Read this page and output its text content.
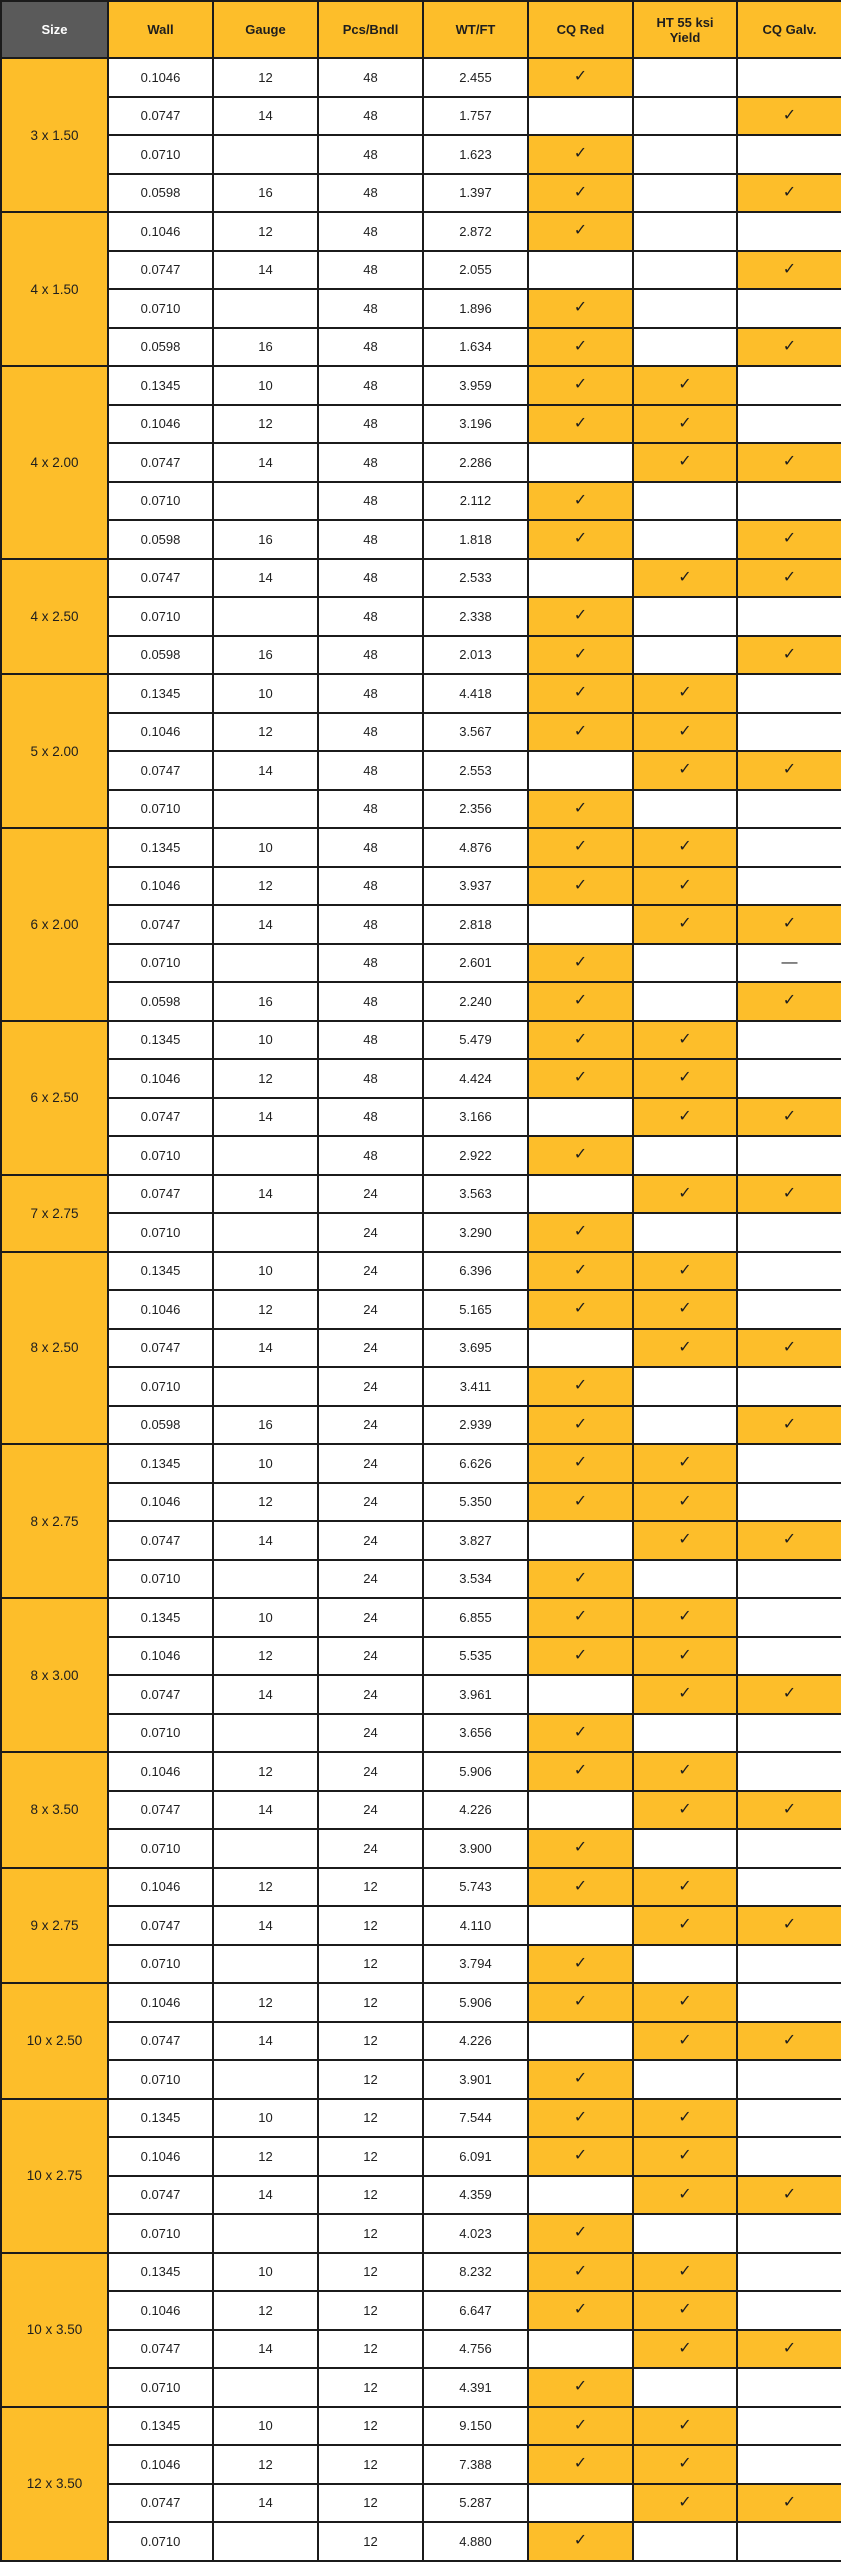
Size	Wall	Gauge	Pcs/Bndl	WT/FT	CQ Red	HT 55 ksi Yield	CQ Galv.
3 x 1.50	0.1046	12	48	2.455	✓		
	0.0747	14	48	1.757			✓
	0.0710		48	1.623	✓		
	0.0598	16	48	1.397	✓		✓
4 x 1.50	0.1046	12	48	2.872	✓		
	0.0747	14	48	2.055			✓
	0.0710		48	1.896	✓		
	0.0598	16	48	1.634	✓		✓
4 x 2.00	0.1345	10	48	3.959	✓	✓	
	0.1046	12	48	3.196	✓	✓	
	0.0747	14	48	2.286		✓	✓
	0.0710		48	2.112	✓		
	0.0598	16	48	1.818	✓		✓
4 x 2.50	0.0747	14	48	2.533		✓	✓
	0.0710		48	2.338	✓		
	0.0598	16	48	2.013	✓		✓
5 x 2.00	0.1345	10	48	4.418	✓	✓	
	0.1046	12	48	3.567	✓	✓	
	0.0747	14	48	2.553		✓	✓
	0.0710		48	2.356	✓		
6 x 2.00	0.1345	10	48	4.876	✓	✓	
	0.1046	12	48	3.937	✓	✓	
	0.0747	14	48	2.818		✓	✓
	0.0710		48	2.601	✓		—
	0.0598	16	48	2.240	✓		✓
6 x 2.50	0.1345	10	48	5.479	✓	✓	
	0.1046	12	48	4.424	✓	✓	
	0.0747	14	48	3.166		✓	✓
	0.0710		48	2.922	✓		
7 x 2.75	0.0747	14	24	3.563		✓	✓
	0.0710		24	3.290	✓		
8 x 2.50	0.1345	10	24	6.396	✓	✓	
	0.1046	12	24	5.165	✓	✓	
	0.0747	14	24	3.695		✓	✓
	0.0710		24	3.411	✓		
	0.0598	16	24	2.939	✓		✓
8 x 2.75	0.1345	10	24	6.626	✓	✓	
	0.1046	12	24	5.350	✓	✓	
	0.0747	14	24	3.827		✓	✓
	0.0710		24	3.534	✓		
8 x 3.00	0.1345	10	24	6.855	✓	✓	
	0.1046	12	24	5.535	✓	✓	
	0.0747	14	24	3.961		✓	✓
	0.0710		24	3.656	✓		
8 x 3.50	0.1046	12	24	5.906	✓	✓	
	0.0747	14	24	4.226		✓	✓
	0.0710		24	3.900	✓		
9 x 2.75	0.1046	12	12	5.743	✓	✓	
	0.0747	14	12	4.110		✓	✓
	0.0710		12	3.794	✓		
10 x 2.50	0.1046	12	12	5.906	✓	✓	
	0.0747	14	12	4.226		✓	✓
	0.0710		12	3.901	✓		
10 x 2.75	0.1345	10	12	7.544	✓	✓	
	0.1046	12	12	6.091	✓	✓	
	0.0747	14	12	4.359		✓	✓
	0.0710		12	4.023	✓		
10 x 3.50	0.1345	10	12	8.232	✓	✓	
	0.1046	12	12	6.647	✓	✓	
	0.0747	14	12	4.756		✓	✓
	0.0710		12	4.391	✓		
12 x 3.50	0.1345	10	12	9.150	✓	✓	
	0.1046	12	12	7.388	✓	✓	
	0.0747	14	12	5.287		✓	✓
	0.0710		12	4.880	✓		
